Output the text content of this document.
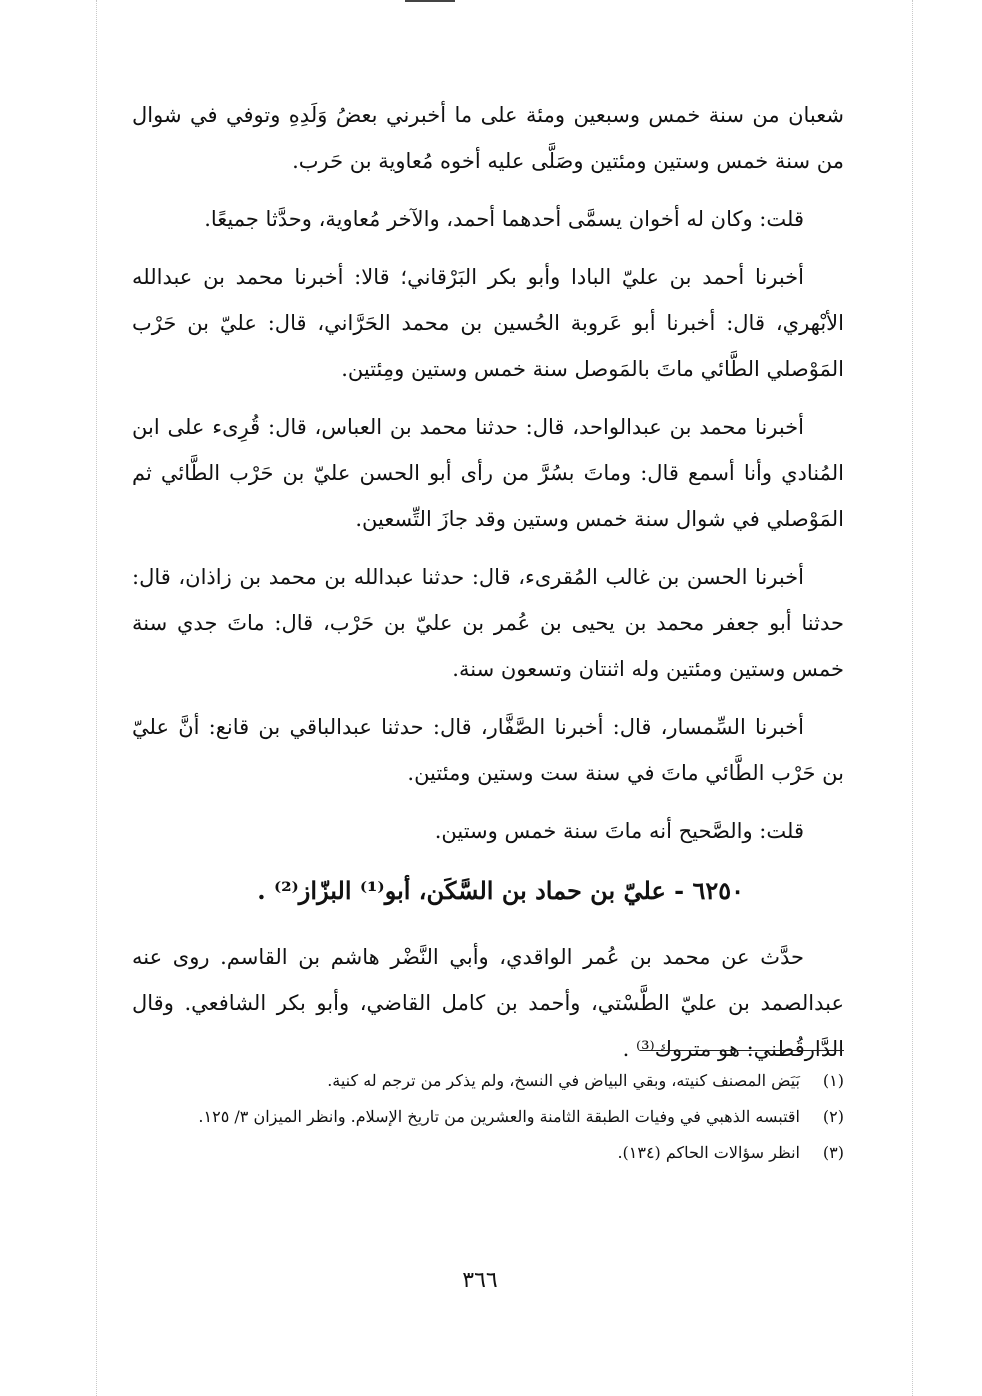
شعبان من سنة خمس وسبعين ومئة على ما أخبرني بعضُ وَلَدِهِ وتوفي في شوال من سنة خمس وستين ومئتين وصَلَّى عليه أخوه مُعاوية بن حَرب.

قلت: وكان له أخوان يسمَّى أحدهما أحمد، والآخر مُعاوية، وحدَّثا جميعًا.

أخبرنا أحمد بن عليّ البادا وأبو بكر البَرْقاني؛ قالا: أخبرنا محمد بن عبدالله الأبْهري، قال: أخبرنا أبو عَروبة الحُسين بن محمد الحَرَّاني، قال: عليّ بن حَرْب المَوْصلي الطَّائي ماتَ بالمَوصل سنة خمس وستين ومِئتين.

أخبرنا محمد بن عبدالواحد، قال: حدثنا محمد بن العباس، قال: قُرِىء على ابن المُنادي وأنا أسمع قال: وماتَ بسُرَّ من رأى أبو الحسن عليّ بن حَرْب الطَّائي ثم المَوْصلي في شوال سنة خمس وستين وقد جازَ التِّسعين.

أخبرنا الحسن بن غالب المُقرىء، قال: حدثنا عبدالله بن محمد بن زاذان، قال: حدثنا أبو جعفر محمد بن يحيى بن عُمر بن عليّ بن حَرْب، قال: ماتَ جدي سنة خمس وستين ومئتين وله اثنتان وتسعون سنة.

أخبرنا السِّمسار، قال: أخبرنا الصَّفَّار، قال: حدثنا عبدالباقي بن قانع: أنَّ عليّ بن حَرْب الطَّائي ماتَ في سنة ست وستين ومئتين.

قلت: والصَّحيح أنه ماتَ سنة خمس وستين.

٦٢٥٠ - عليّ بن حماد بن السَّكَن، أبو⁽¹⁾ البزّاز⁽²⁾ .

حدَّث عن محمد بن عُمر الواقدي، وأبي النَّضْر هاشم بن القاسم. روى عنه عبدالصمد بن عليّ الطَّسْتي، وأحمد بن كامل القاضي، وأبو بكر الشافعي. وقال الدَّارقُطني: هو متروك⁽³⁾ .

(١)
بَيَض المصنف كنيته، وبقي البياض في النسخ، ولم يذكر من ترجم له كنية.
(٢)
اقتبسه الذهبي في وفيات الطبقة الثامنة والعشرين من تاريخ الإسلام. وانظر الميزان ٣/ ١٢٥.
(٣)
انظر سؤالات الحاكم (١٣٤).
٣٦٦
